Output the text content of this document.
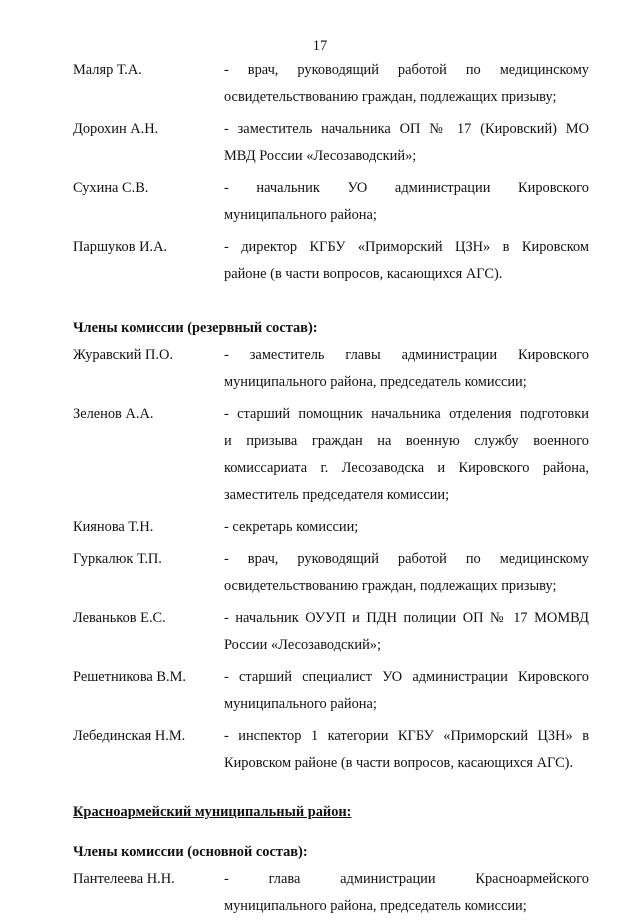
17
Маляр Т.А.	- врач, руководящий работой по медицинскому
освидетельствованию граждан, подлежащих призыву;
Дорохин А.Н.	- заместитель начальника ОП № 17 (Кировский) МО
МВД России «Лесозаводский»;
Сухина С.В.	- начальник УО администрации Кировского
муниципального района;
Паршуков И.А.	- директор КГБУ «Приморский ЦЗН» в Кировском
районе (в части вопросов, касающихся АГС).
Члены комиссии (резервный состав):
Журавский П.О.	- заместитель главы администрации Кировского
муниципального района, председатель комиссии;
Зеленов А.А.	- старший помощник начальника отделения подготовки
и призыва граждан на военную службу военного
комиссариата г. Лесозаводска и Кировского района,
заместитель председателя комиссии;
Киянова Т.Н.	- секретарь комиссии;
Гуркалюк Т.П.	- врач, руководящий работой по медицинскому
освидетельствованию граждан, подлежащих призыву;
Леваньков Е.С.	- начальник ОУУП и ПДН полиции ОП № 17 МОМВД
России «Лесозаводский»;
Решетникова В.М.	- старший специалист УО администрации Кировского
муниципального района;
Лебединская Н.М.	- инспектор 1 категории КГБУ «Приморский ЦЗН» в
Кировском районе (в части вопросов, касающихся АГС).
Красноармейский муниципальный район:
Члены комиссии (основной состав):
Пантелеева Н.Н.	- глава администрации Красноармейского
муниципального района, председатель комиссии;
